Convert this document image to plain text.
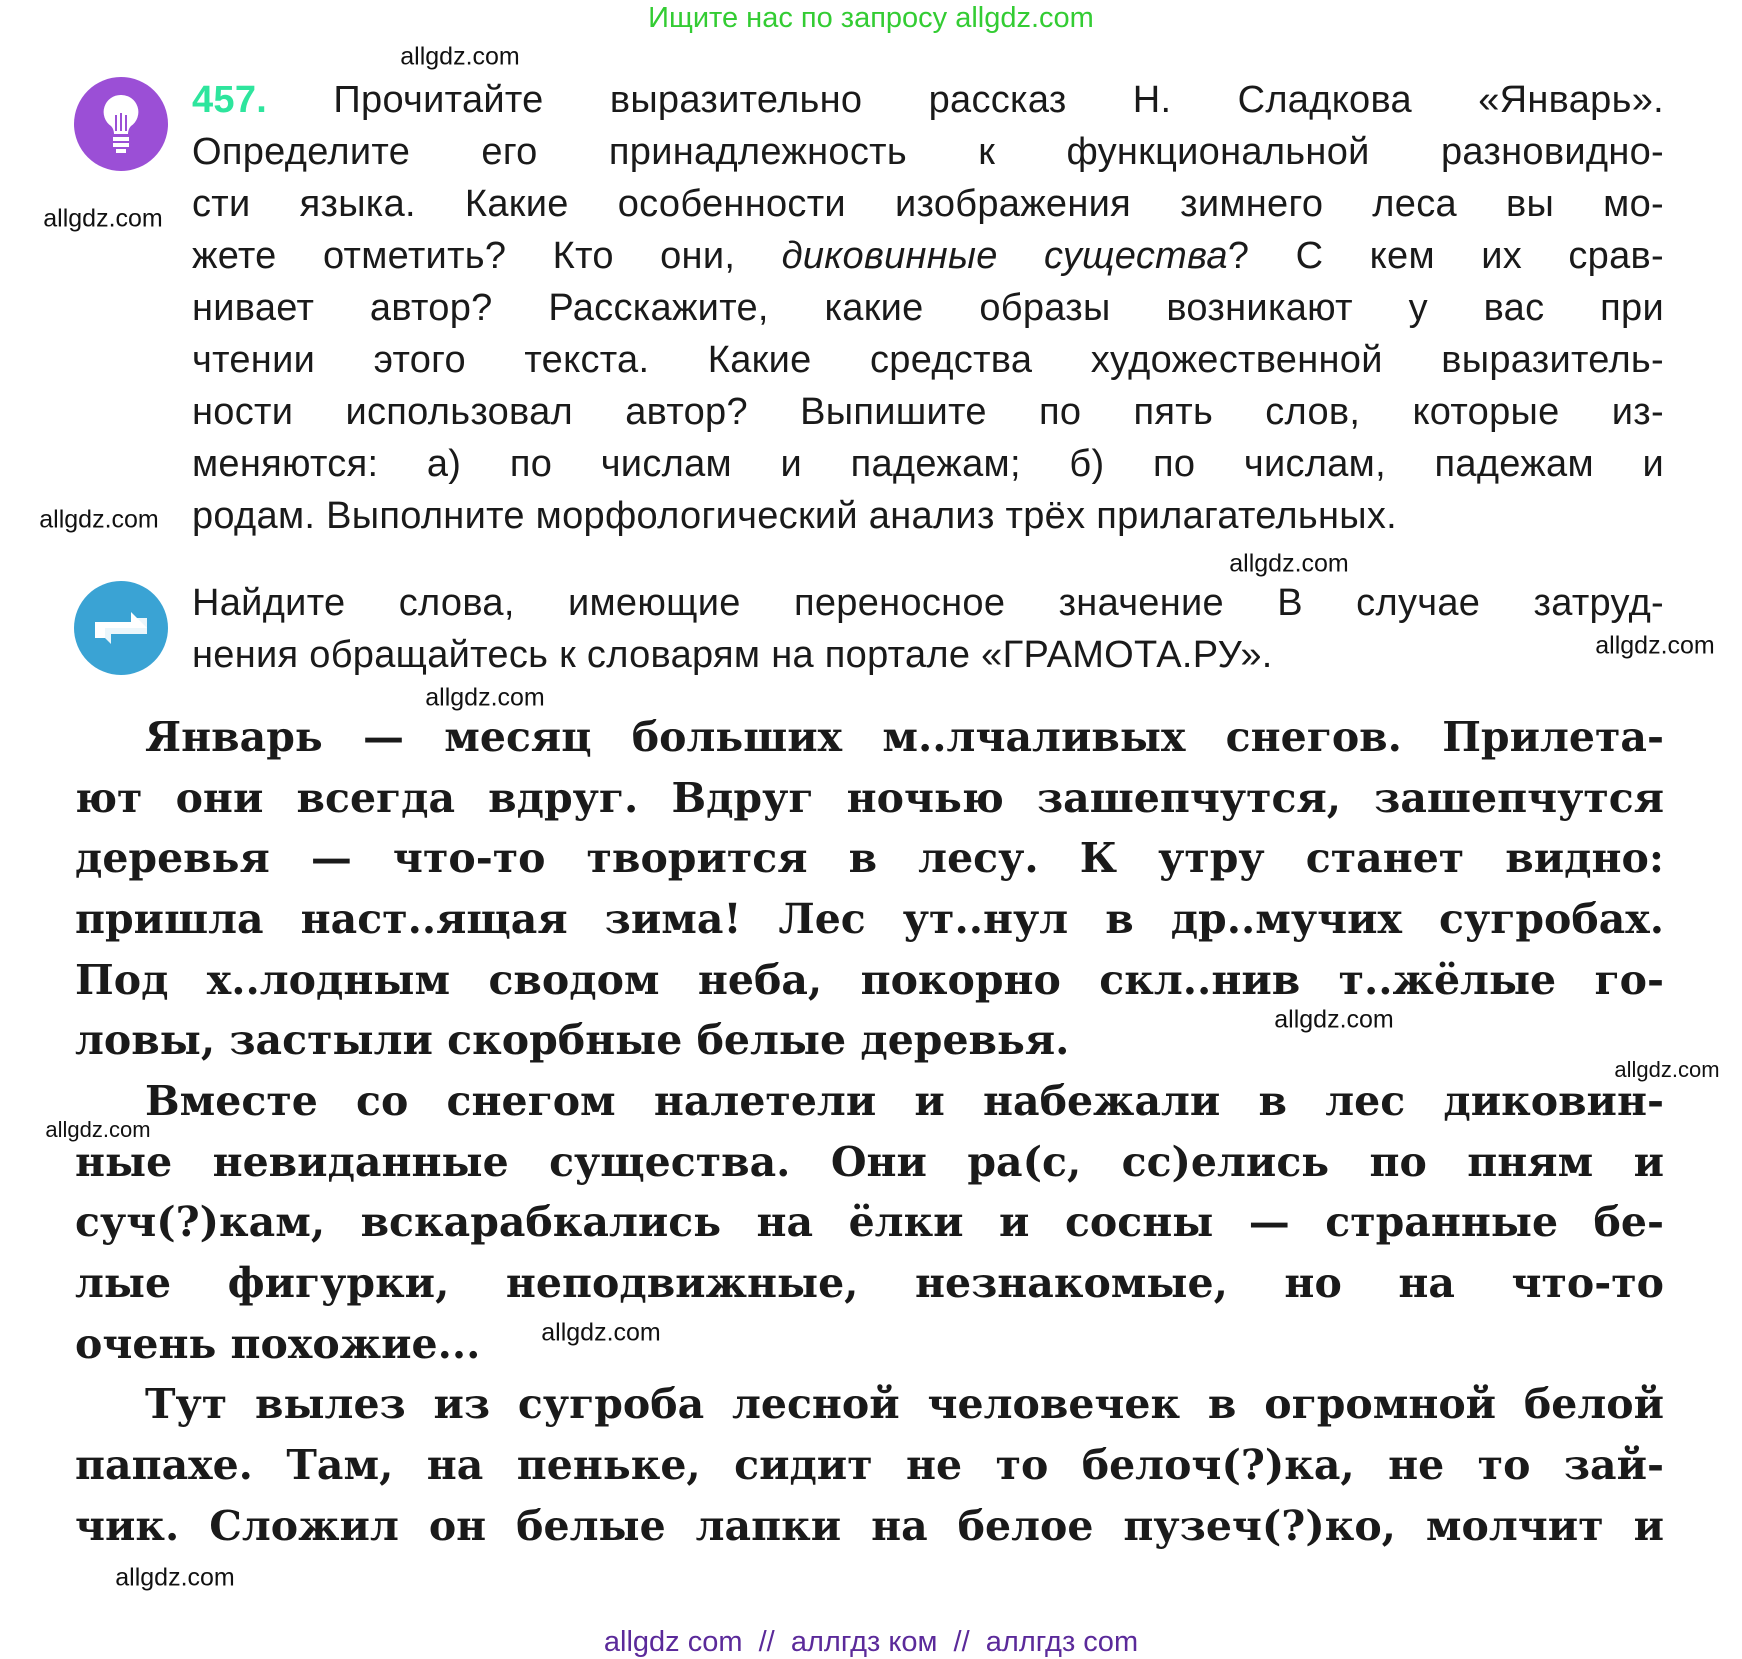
Ищите нас по запросу allgdz.com
457. Прочитайте выразительно рассказ Н. Сладкова «Январь».
Определите его принадлежность к функциональной разновидно-
сти языка. Какие особенности изображения зимнего леса вы мо-
жете отметить? Кто они, диковинные существа? С кем их срав-
нивает автор? Расскажите, какие образы возникают у вас при
чтении этого текста. Какие средства художественной выразитель-
ности использовал автор? Выпишите по пять слов, которые из-
меняются: а) по числам и падежам; б) по числам, падежам и
родам. Выполните морфологический анализ трёх прилагательных.
Найдите слова, имеющие переносное значение В случае затруд-
нения обращайтесь к словарям на портале «ГРАМОТА.РУ».
Январь — месяц больших м..лчаливых снегов. Прилета-
ют они всегда вдруг. Вдруг ночью зашепчутся, зашепчутся
деревья — что-то творится в лесу. К утру станет видно:
пришла наст..ящая зима! Лес ут..нул в др..мучих сугробах.
Под х..лодным сводом неба, покорно скл..нив т..жёлые го-
ловы, застыли скорбные белые деревья.
Вместе со снегом налетели и набежали в лес диковин-
ные невиданные существа. Они ра(с, сс)елись по пням и
суч(?)кам, вскарабкались на ёлки и сосны — странные бе-
лые фигурки, неподвижные, незнакомые, но на что-то
очень похожие...
Тут вылез из сугроба лесной человечек в огромной белой
папахе. Там, на пеньке, сидит не то белоч(?)ка, не то зай-
чик. Сложил он белые лапки на белое пузеч(?)ко, молчит и
allgdz.com
allgdz.com
allgdz.com
allgdz.com
allgdz.com
allgdz.com
allgdz.com
allgdz.com
allgdz.com
allgdz.com
allgdz.com
allgdz com  //  аллгдз ком  //  аллгдз com
